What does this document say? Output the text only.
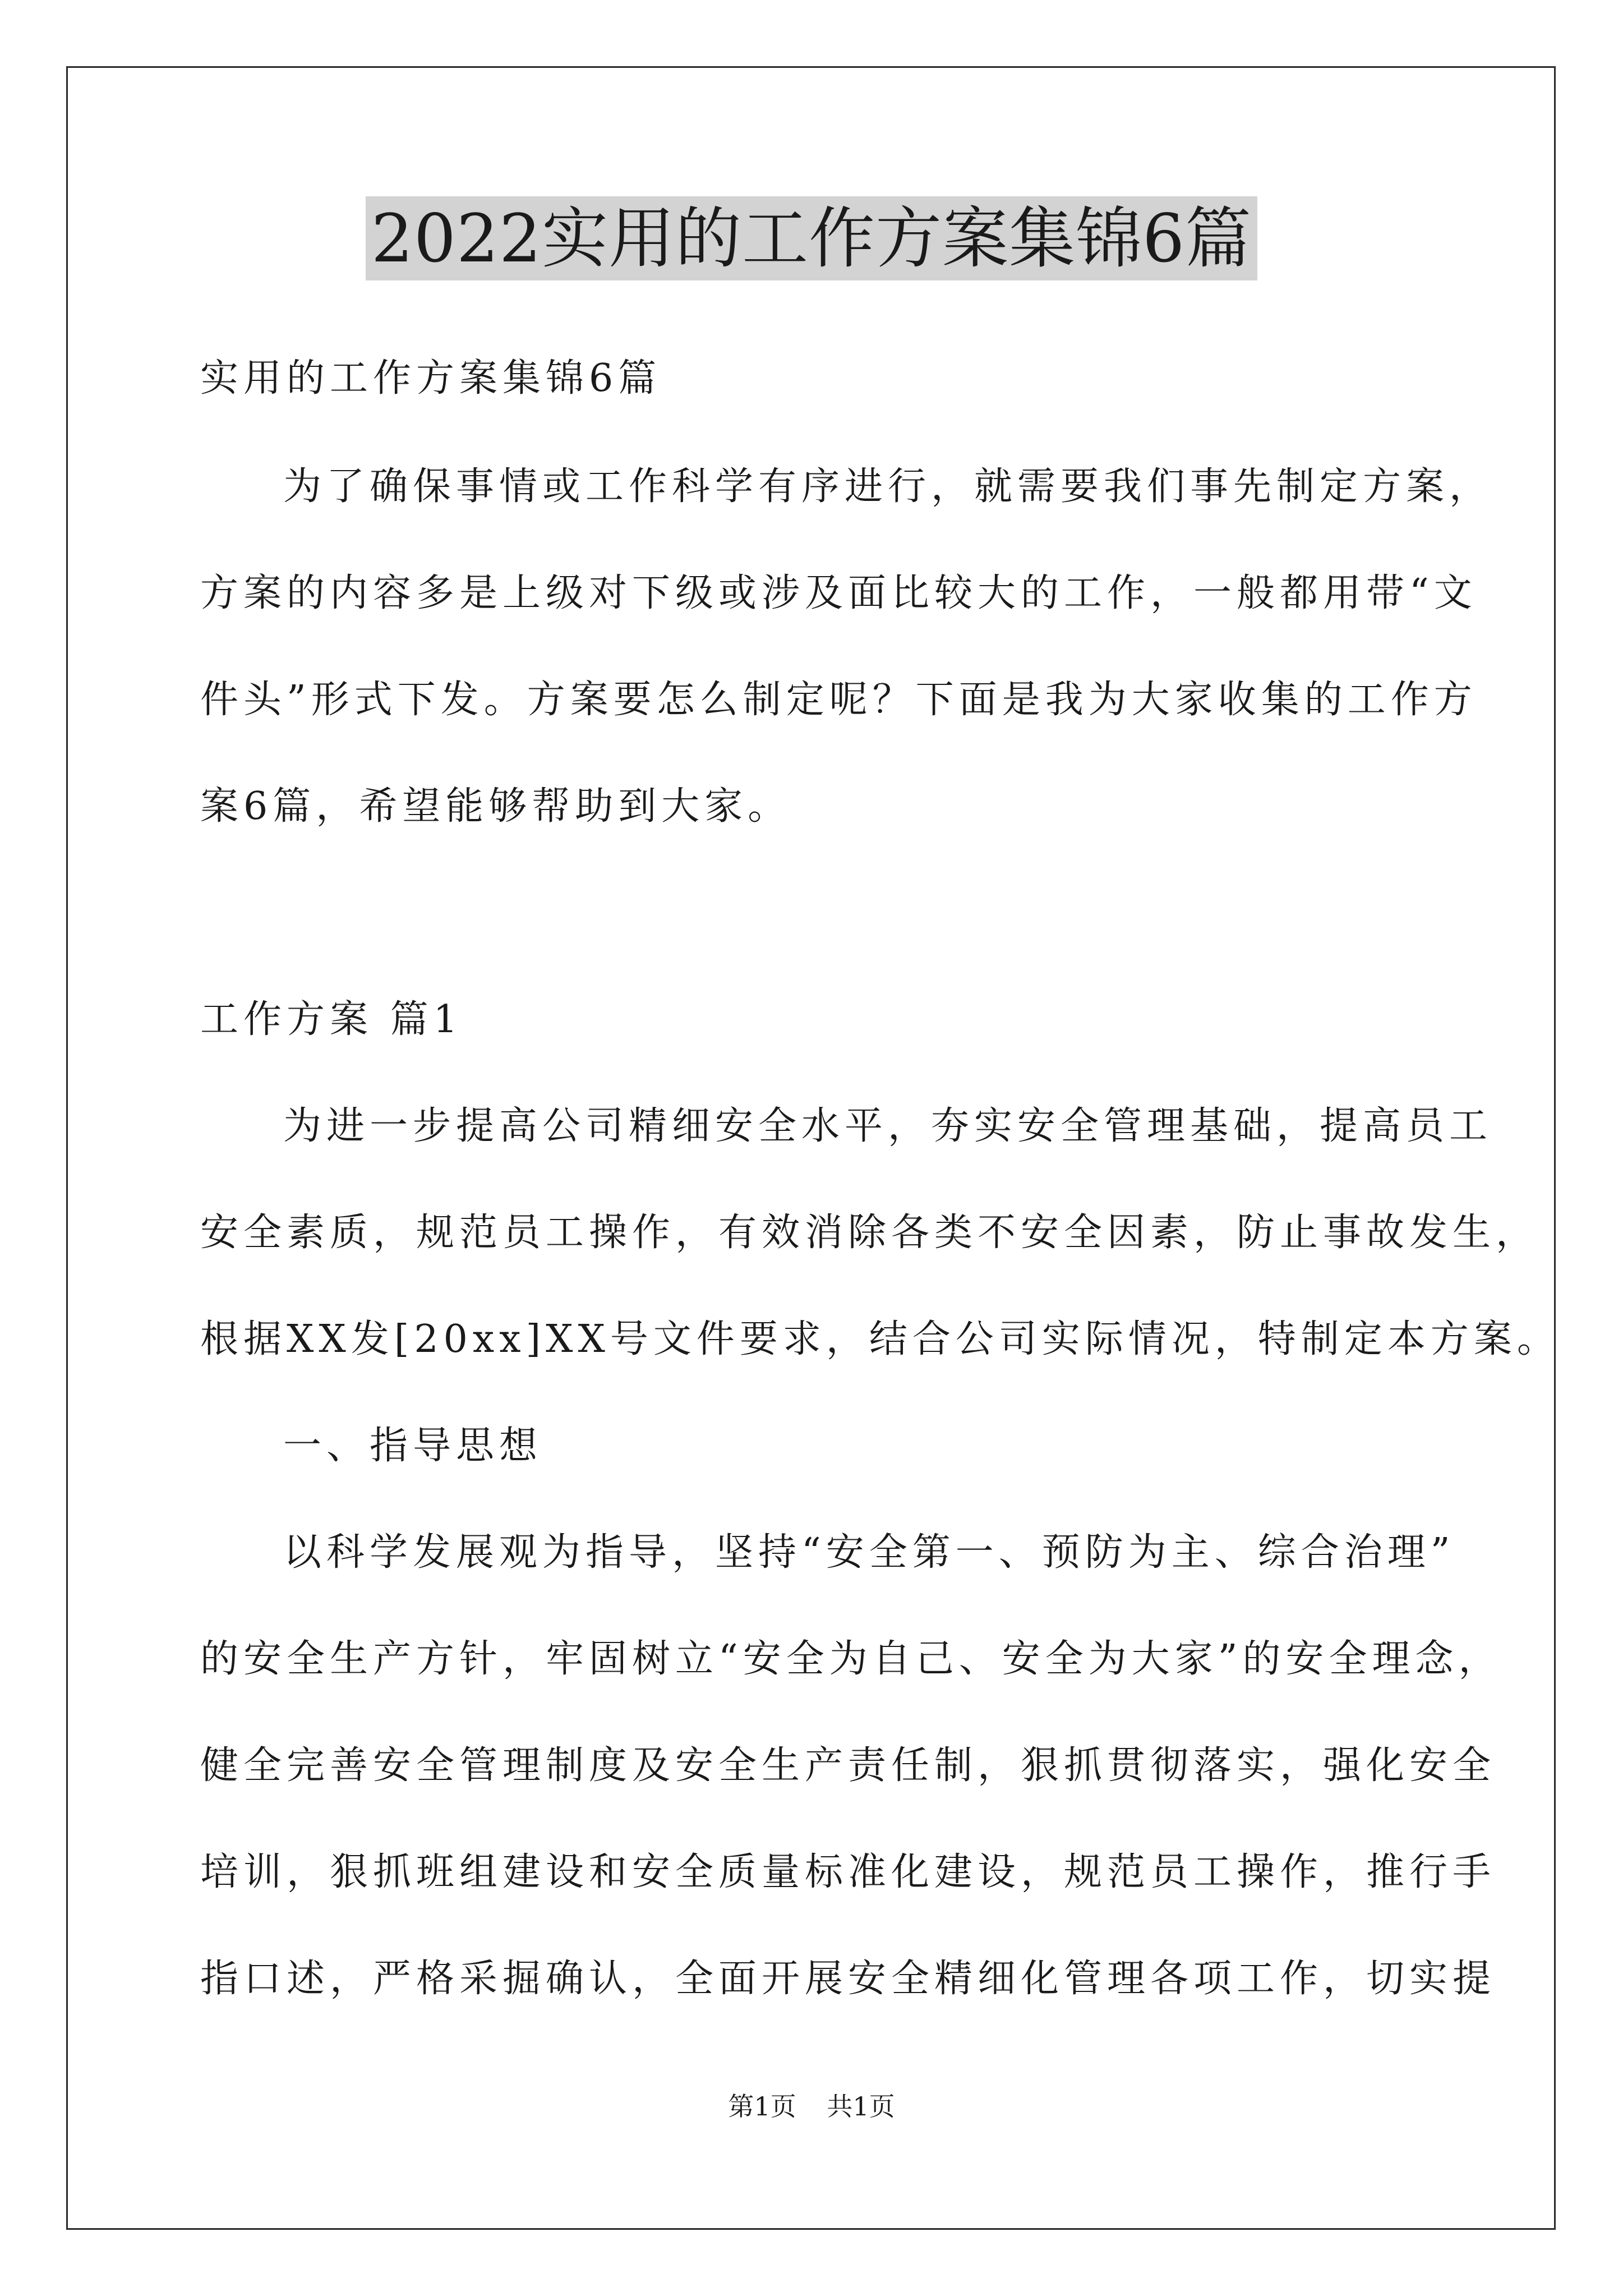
2022实用的工作方案集锦6篇
实用的工作方案集锦6篇
为了确保事情或工作科学有序进行，就需要我们事先制定方案，
方案的内容多是上级对下级或涉及面比较大的工作，一般都用带“文
件头”形式下发。方案要怎么制定呢？下面是我为大家收集的工作方
案6篇，希望能够帮助到大家。
工作方案 篇1
为进一步提高公司精细安全水平，夯实安全管理基础，提高员工
安全素质，规范员工操作，有效消除各类不安全因素，防止事故发生，
根据XX发[20xx]XX号文件要求，结合公司实际情况，特制定本方案。
一、指导思想
以科学发展观为指导，坚持“安全第一、预防为主、综合治理”
的安全生产方针，牢固树立“安全为自己、安全为大家”的安全理念，
健全完善安全管理制度及安全生产责任制，狠抓贯彻落实，强化安全
培训，狠抓班组建设和安全质量标准化建设，规范员工操作，推行手
指口述，严格采掘确认，全面开展安全精细化管理各项工作，切实提
第1页 共1页
